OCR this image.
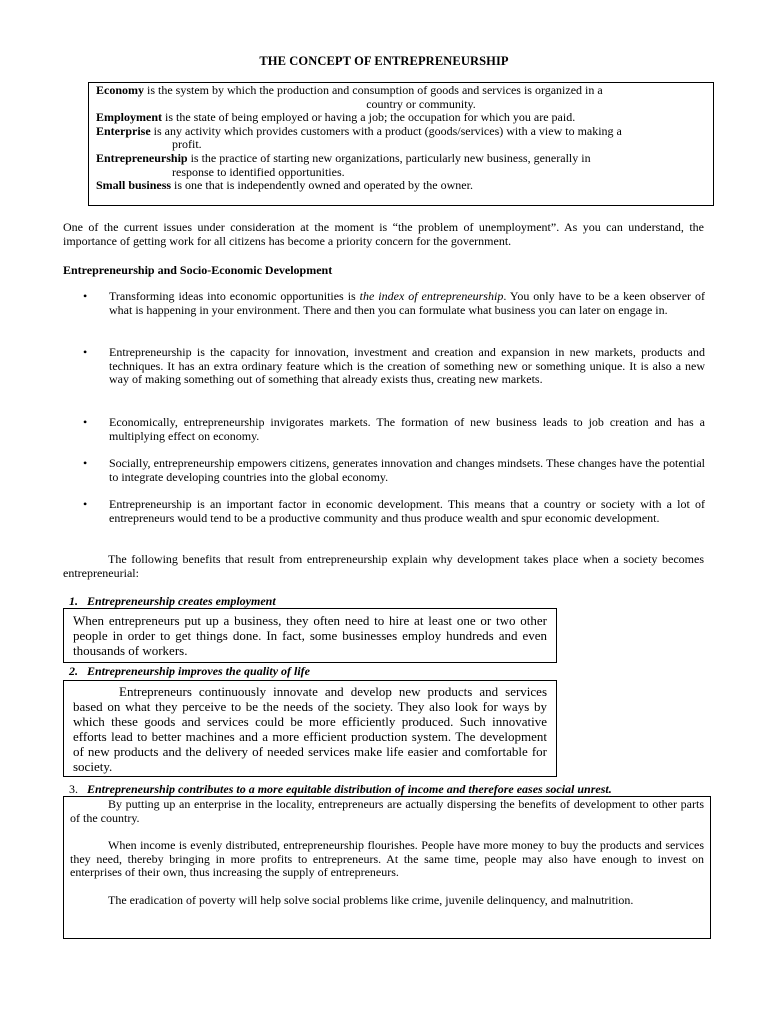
THE CONCEPT OF ENTREPRENEURSHIP
Economy is the system by which the production and consumption of goods and services is organized in a
country or community.
Employment is the state of being employed or having a job; the occupation for which you are paid.
Enterprise is any activity which provides customers with a product (goods/services) with a view to making a
profit.
Entrepreneurship is the practice of starting new organizations, particularly new business, generally in
response to identified opportunities.
Small business is one that is independently owned and operated by the owner.
One of the current issues under consideration at the moment is “the problem of unemployment”. As you can understand, the importance of getting work for all citizens has become a priority concern for the government.
Entrepreneurship and Socio-Economic Development
•	Transforming ideas into economic opportunities is the index of entrepreneurship. You only have to be a keen observer of what is happening in your environment. There and then you can formulate what business you can later on engage in.
•	Entrepreneurship is the capacity for innovation, investment and creation and expansion in new markets, products and techniques. It has an extra ordinary feature which is the creation of something new or something unique. It is also a new way of making something out of something that already exists thus, creating new markets.
•	Economically, entrepreneurship invigorates markets. The formation of new business leads to job creation and has a multiplying effect on economy.
•	Socially, entrepreneurship empowers citizens, generates innovation and changes mindsets. These changes have the potential to integrate developing countries into the global economy.
•	Entrepreneurship is an important factor in economic development. This means that a country or society with a lot of entrepreneurs would tend to be a productive community and thus produce wealth and spur economic development.
The following benefits that result from entrepreneurship explain why development takes place when a society becomes entrepreneurial:
1. Entrepreneurship creates employment
When entrepreneurs put up a business, they often need to hire at least one or two other people in order to get things done. In fact, some businesses employ hundreds and even thousands of workers.
2. Entrepreneurship improves the quality of life
Entrepreneurs continuously innovate and develop new products and services based on what they perceive to be the needs of the society. They also look for ways by which these goods and services could be more efficiently produced. Such innovative efforts lead to better machines and a more efficient production system. The development of new products and the delivery of needed services make life easier and comfortable for society.
3. Entrepreneurship contributes to a more equitable distribution of income and therefore eases social unrest.
By putting up an enterprise in the locality, entrepreneurs are actually dispersing the benefits of development to other parts of the country.
When income is evenly distributed, entrepreneurship flourishes. People have more money to buy the products and services they need, thereby bringing in more profits to entrepreneurs. At the same time, people may also have enough to invest on enterprises of their own, thus increasing the supply of entrepreneurs.
The eradication of poverty will help solve social problems like crime, juvenile delinquency, and malnutrition.
